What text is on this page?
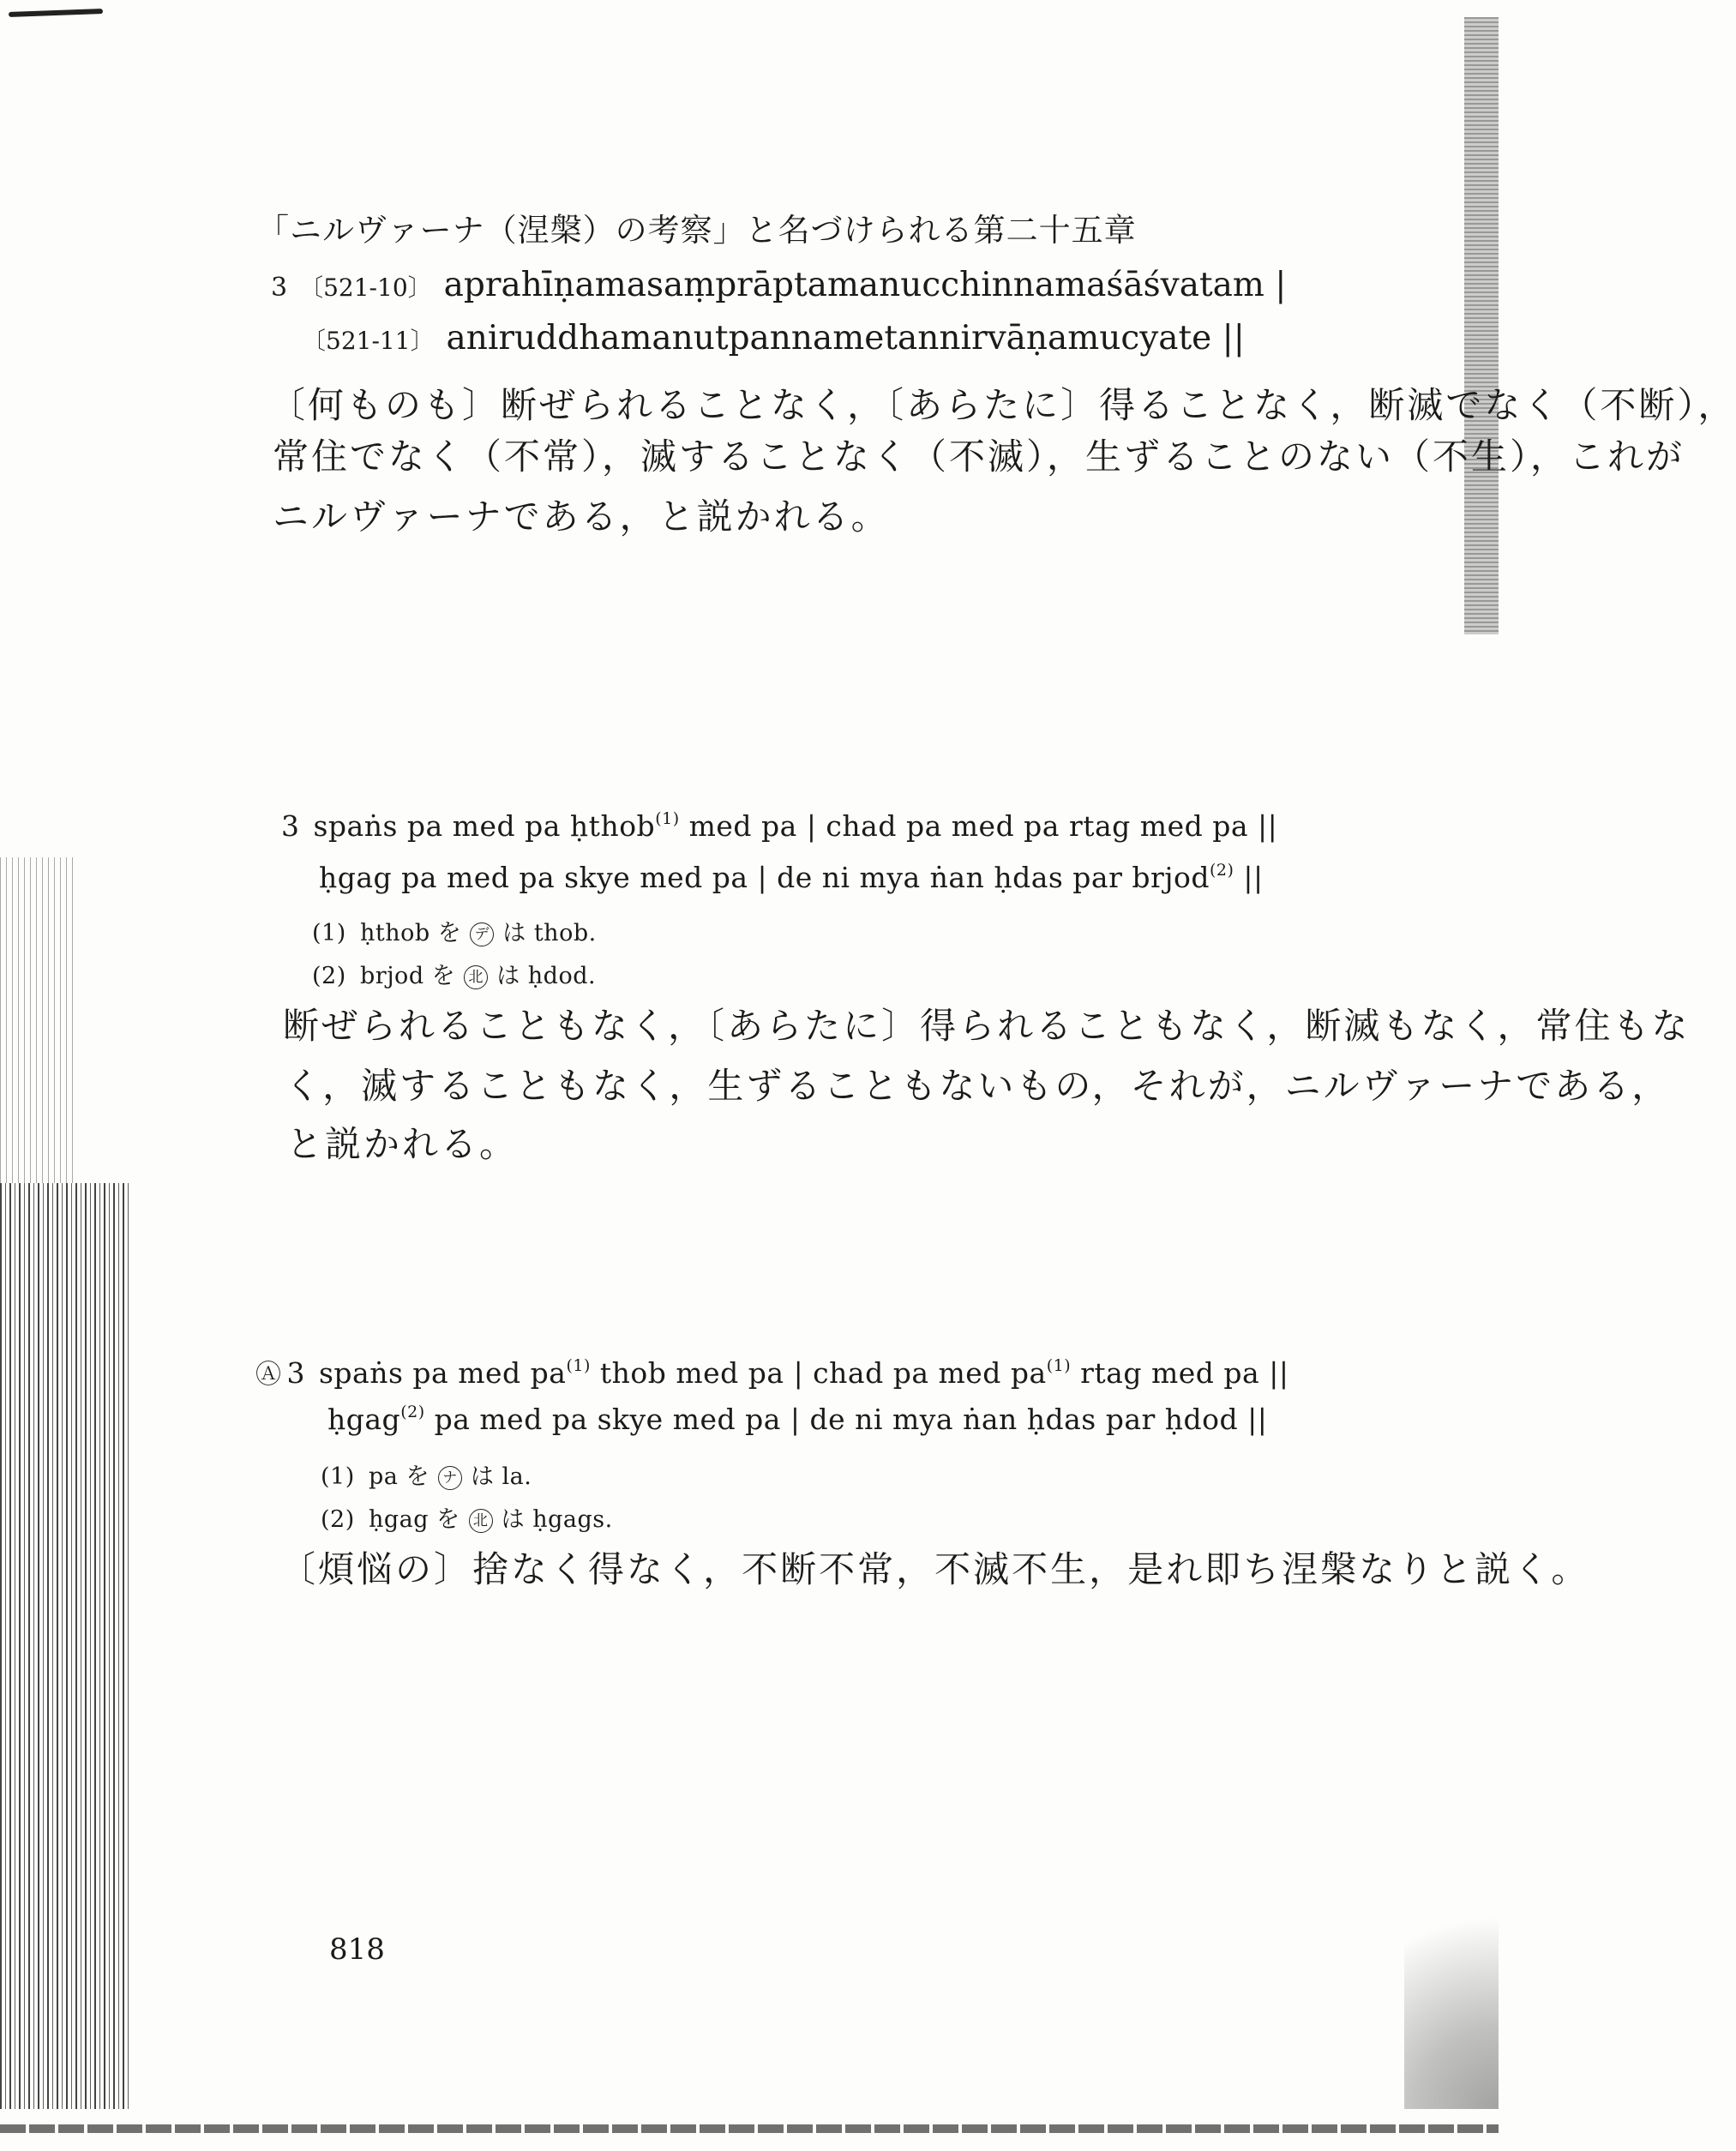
「ニルヴァーナ（涅槃）の考察」と名づけられる第二十五章
3 〔521-10〕 aprahīṇamasaṃprāptamanucchinnamaśāśvatam |
〔521-11〕 aniruddhamanutpannametannirvāṇamucyate ||
〔何ものも〕断ぜられることなく，〔あらたに〕得ることなく，断滅でなく（不断），
常住でなく（不常），滅することなく（不滅），生ずることのない（不生），これが
ニルヴァーナである，と説かれる。
3 spaṅs pa med pa ḥthob$^{(1)}$ med pa | chad pa med pa rtag med pa ||
ḥgag pa med pa skye med pa | de ni mya ṅan ḥdas par brjod$^{(2)}$ ||
(1) ḥthob を デ は thob.
(2) brjod を 北 は ḥdod.
断ぜられることもなく，〔あらたに〕得られることもなく，断滅もなく，常住もな
く，滅することもなく，生ずることもないもの，それが，ニルヴァーナである，
と説かれる。
Ⓐ 3 spaṅs pa med $pa^{(1)}$ thob med pa | chad pa med $pa^{(1)}$ rtag med pa ||
ḥgag$^{(2)}$ pa med pa skye med pa | de ni mya ṅan ḥdas par ḥdod ||
(1) pa を ナ は la.
(2) ḥgag を 北 は ḥgags.
〔煩悩の〕捨なく得なく，不断不常，不滅不生，是れ即ち涅槃なりと説く。
818
